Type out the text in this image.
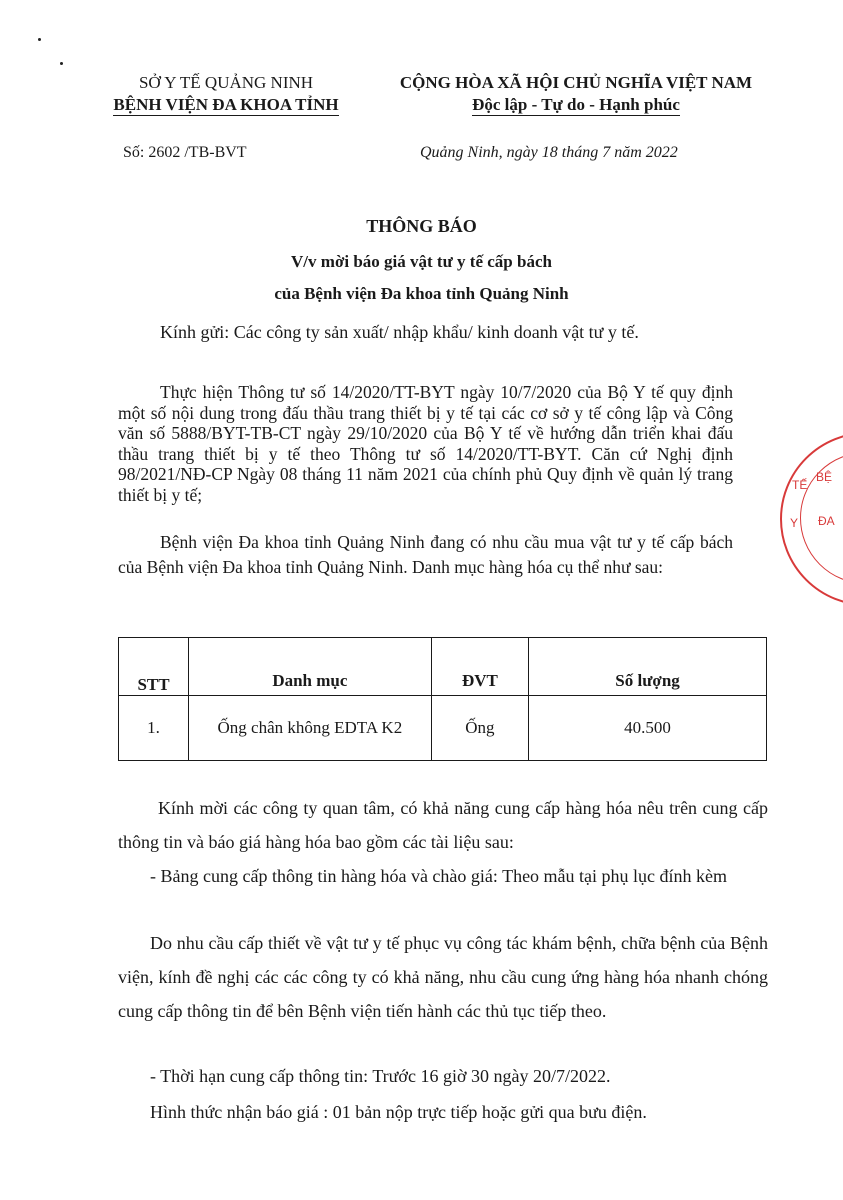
SỞ Y TẾ QUẢNG NINH
BỆNH VIỆN ĐA KHOA TỈNH
CỘNG HÒA XÃ HỘI CHỦ NGHĨA VIỆT NAM
Độc lập - Tự do - Hạnh phúc
Số: 2602 /TB-BVT	Quảng Ninh, ngày 18 tháng 7 năm 2022
THÔNG BÁO
V/v mời báo giá vật tư y tế cấp bách
của Bệnh viện Đa khoa tỉnh Quảng Ninh
Kính gửi: Các công ty sản xuất/ nhập khẩu/ kinh doanh vật tư y tế.
Thực hiện Thông tư số 14/2020/TT-BYT ngày 10/7/2020 của Bộ Y tế quy định một số nội dung trong đấu thầu trang thiết bị y tế tại các cơ sở y tế công lập và Công văn số 5888/BYT-TB-CT ngày 29/10/2020 của Bộ Y tế về hướng dẫn triển khai đấu thầu trang thiết bị y tế theo Thông tư số 14/2020/TT-BYT. Căn cứ Nghị định 98/2021/NĐ-CP Ngày 08 tháng 11 năm 2021 của chính phủ Quy định về quản lý trang thiết bị y tế;
Bệnh viện Đa khoa tỉnh Quảng Ninh đang có nhu cầu mua vật tư y tế cấp bách của Bệnh viện Đa khoa tỉnh Quảng Ninh. Danh mục hàng hóa cụ thể như sau:
STT	Danh mục	ĐVT	Số lượng
1.	Ống chân không EDTA K2	Ống	40.500
Kính mời các công ty quan tâm, có khả năng cung cấp hàng hóa nêu trên cung cấp thông tin và báo giá hàng hóa bao gồm các tài liệu sau:
- Bảng cung cấp thông tin hàng hóa và chào giá: Theo mẫu tại phụ lục đính kèm
Do nhu cầu cấp thiết về vật tư y tế phục vụ công tác khám bệnh, chữa bệnh của Bệnh viện, kính đề nghị các các công ty có khả năng, nhu cầu cung ứng hàng hóa nhanh chóng cung cấp thông tin để bên Bệnh viện tiến hành các thủ tục tiếp theo.
- Thời hạn cung cấp thông tin: Trước 16 giờ 30 ngày 20/7/2022.
Hình thức nhận báo giá : 01 bản nộp trực tiếp hoặc gửi qua bưu điện.
BỆ
ĐA
Y
TẾ
